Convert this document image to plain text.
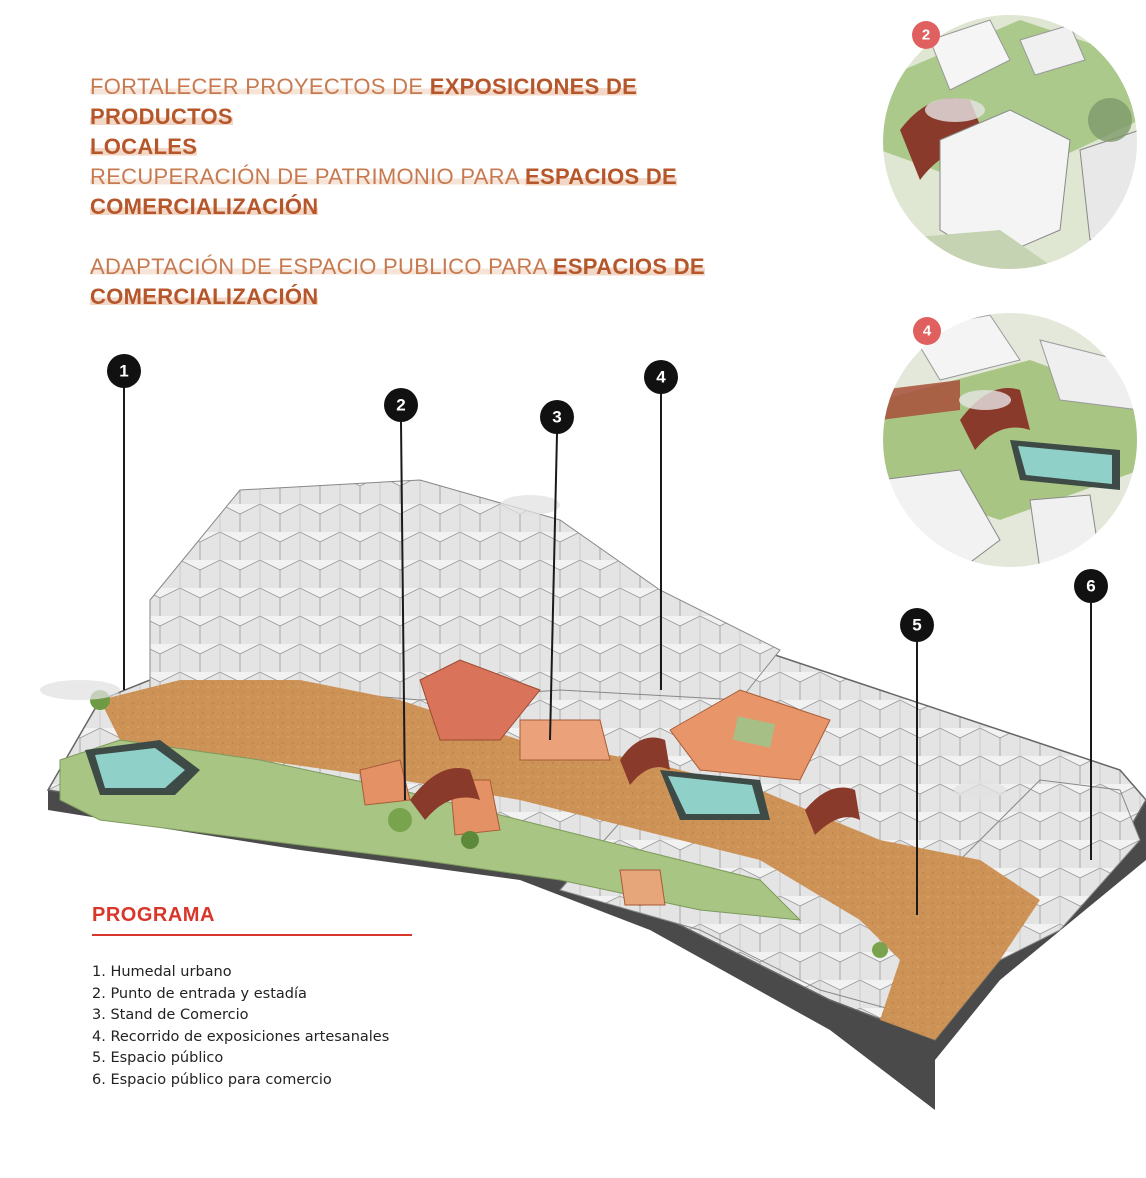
FORTALECER PROYECTOS DE EXPOSICIONES DE PRODUCTOS
LOCALES
RECUPERACIÓN DE PATRIMONIO PARA ESPACIOS DE
COMERCIALIZACIÓN
ADAPTACIÓN DE ESPACIO PUBLICO PARA ESPACIOS DE
COMERCIALIZACIÓN
1
2
3
4
5
6
2
4
PROGRAMA
1. Humedal urbano
2. Punto de entrada y estadía
3. Stand de Comercio
4. Recorrido de exposiciones artesanales
5. Espacio público
6. Espacio público para comercio
